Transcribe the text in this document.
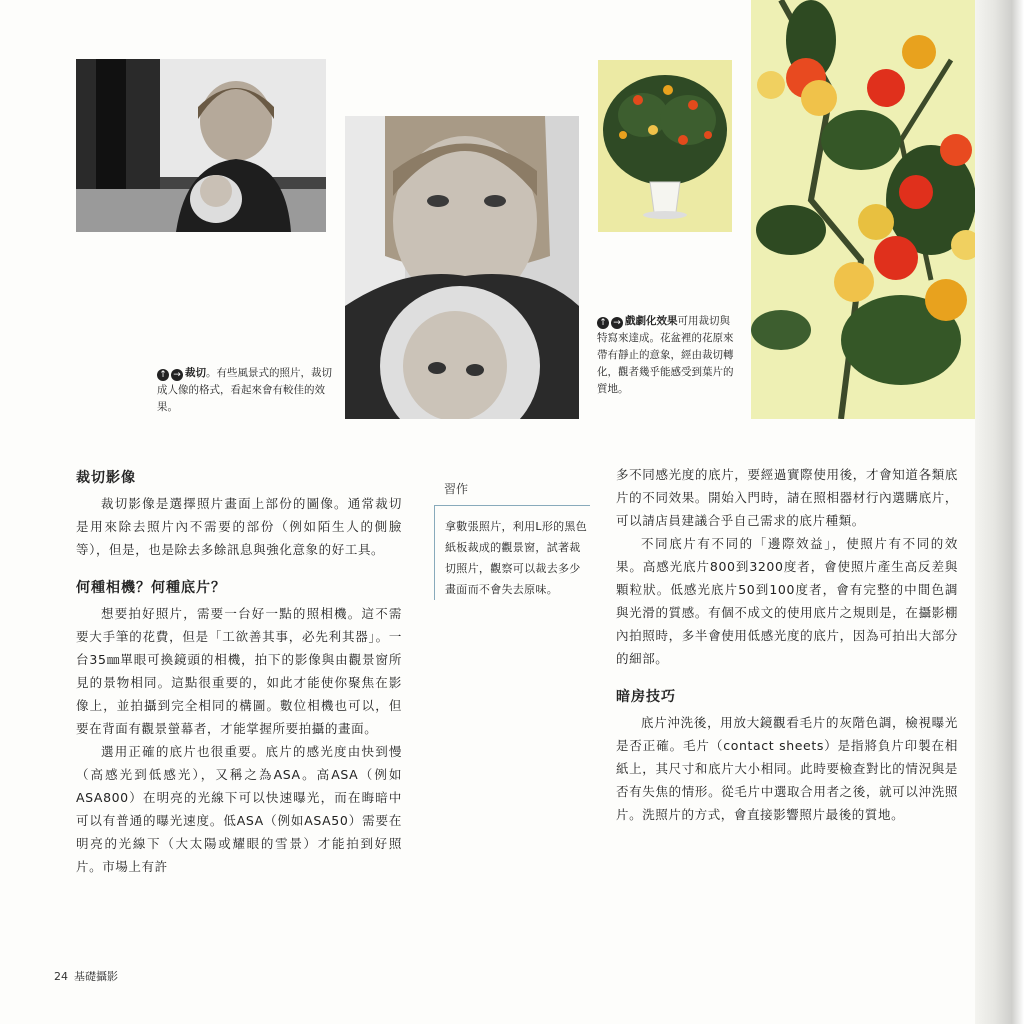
↑ → 裁切。有些風景式的照片，裁切成人像的格式，看起來會有較佳的效果。
↑ → 戲劇化效果可用裁切與特寫來達成。花盆裡的花原來帶有靜止的意象，經由裁切轉化，觀者幾乎能感受到葉片的質地。
裁切影像

裁切影像是選擇照片畫面上部份的圖像。通常裁切是用來除去照片內不需要的部份（例如陌生人的側臉等），但是，也是除去多餘訊息與強化意象的好工具。

何種相機？何種底片？

想要拍好照片，需要一台好一點的照相機。這不需要大手筆的花費，但是「工欲善其事，必先利其器」。一台35㎜單眼可換鏡頭的相機，拍下的影像與由觀景窗所見的景物相同。這點很重要的，如此才能使你聚焦在影像上，並拍攝到完全相同的構圖。數位相機也可以，但要在背面有觀景螢幕者，才能掌握所要拍攝的畫面。

選用正確的底片也很重要。底片的感光度由快到慢（高感光到低感光），又稱之為ASA。高ASA（例如ASA800）在明亮的光線下可以快速曝光，而在晦暗中可以有普通的曝光速度。低ASA（例如ASA50）需要在明亮的光線下（大太陽或耀眼的雪景）才能拍到好照片。市場上有許

習作
拿數張照片，利用L形的黑色紙板裁成的觀景窗，試著裁切照片，觀察可以裁去多少畫面而不會失去原味。

多不同感光度的底片，要經過實際使用後，才會知道各類底片的不同效果。開始入門時，請在照相器材行內選購底片，可以請店員建議合乎自己需求的底片種類。

不同底片有不同的「邊際效益」，使照片有不同的效果。高感光底片800到3200度者，會使照片產生高反差與顆粒狀。低感光底片50到100度者，會有完整的中間色調與光滑的質感。有個不成文的使用底片之規則是，在攝影棚內拍照時，多半會使用低感光度的底片，因為可拍出大部分的細部。

暗房技巧

底片沖洗後，用放大鏡觀看毛片的灰階色調，檢視曝光是否正確。毛片（contact sheets）是指將負片印製在相紙上，其尺寸和底片大小相同。此時要檢查對比的情況與是否有失焦的情形。從毛片中選取合用者之後，就可以沖洗照片。洗照片的方式，會直接影響照片最後的質地。

24 基礎攝影
